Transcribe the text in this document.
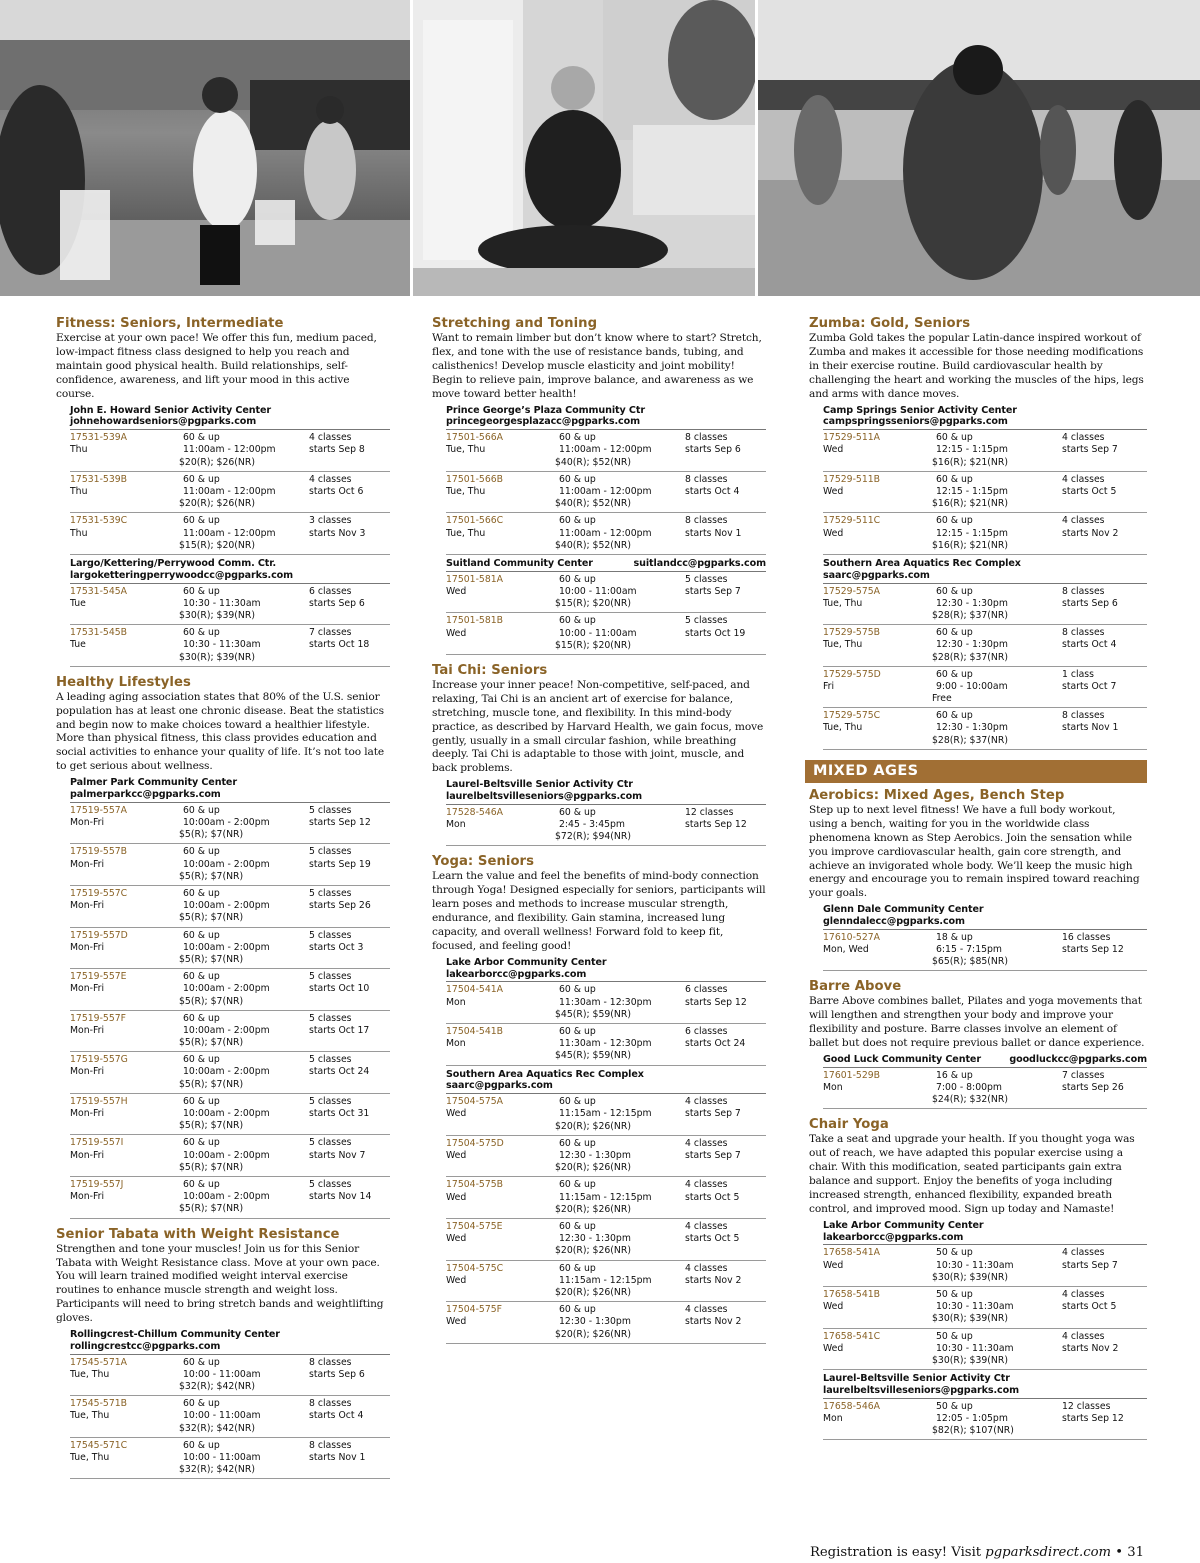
Fitness: Seniors, Intermediate
Exercise at your own pace! We offer this fun, medium paced, low-impact fitness class designed to help you reach and maintain good physical health. Build relationships, self-confidence, awareness, and lift your mood in this active course.
John E. Howard Senior Activity Center
johnehowardseniors@pgparks.com
17531-539A
Thu
60 & up
11:00am - 12:00pm
$20(R); $26(NR)
4 classes
starts Sep 8
17531-539B
Thu
60 & up
11:00am - 12:00pm
$20(R); $26(NR)
4 classes
starts Oct 6
17531-539C
Thu
60 & up
11:00am - 12:00pm
$15(R); $20(NR)
3 classes
starts Nov 3
Largo/Kettering/Perrywood Comm. Ctr.
largoketteringperrywoodcc@pgparks.com
17531-545A
Tue
60 & up
10:30 - 11:30am
$30(R); $39(NR)
6 classes
starts Sep 6
17531-545B
Tue
60 & up
10:30 - 11:30am
$30(R); $39(NR)
7 classes
starts Oct 18
Healthy Lifestyles
A leading aging association states that 80% of the U.S. senior population has at least one chronic disease. Beat the statistics and begin now to make choices toward a healthier lifestyle. More than physical fitness, this class provides education and social activities to enhance your quality of life. It’s not too late to get serious about wellness.
Palmer Park Community Center
palmerparkcc@pgparks.com
17519-557A
Mon-Fri
60 & up
10:00am - 2:00pm
$5(R); $7(NR)
5 classes
starts Sep 12
17519-557B
Mon-Fri
60 & up
10:00am - 2:00pm
$5(R); $7(NR)
5 classes
starts Sep 19
17519-557C
Mon-Fri
60 & up
10:00am - 2:00pm
$5(R); $7(NR)
5 classes
starts Sep 26
17519-557D
Mon-Fri
60 & up
10:00am - 2:00pm
$5(R); $7(NR)
5 classes
starts Oct 3
17519-557E
Mon-Fri
60 & up
10:00am - 2:00pm
$5(R); $7(NR)
5 classes
starts Oct 10
17519-557F
Mon-Fri
60 & up
10:00am - 2:00pm
$5(R); $7(NR)
5 classes
starts Oct 17
17519-557G
Mon-Fri
60 & up
10:00am - 2:00pm
$5(R); $7(NR)
5 classes
starts Oct 24
17519-557H
Mon-Fri
60 & up
10:00am - 2:00pm
$5(R); $7(NR)
5 classes
starts Oct 31
17519-557I
Mon-Fri
60 & up
10:00am - 2:00pm
$5(R); $7(NR)
5 classes
starts Nov 7
17519-557J
Mon-Fri
60 & up
10:00am - 2:00pm
$5(R); $7(NR)
5 classes
starts Nov 14
Senior Tabata with Weight Resistance
Strengthen and tone your muscles! Join us for this Senior Tabata with Weight Resistance class. Move at your own pace. You will learn trained modified weight interval exercise routines to enhance muscle strength and weight loss. Participants will need to bring stretch bands and weightlifting gloves.
Rollingcrest-Chillum Community Center
rollingcrestcc@pgparks.com
17545-571A
Tue, Thu
60 & up
10:00 - 11:00am
$32(R); $42(NR)
8 classes
starts Sep 6
17545-571B
Tue, Thu
60 & up
10:00 - 11:00am
$32(R); $42(NR)
8 classes
starts Oct 4
17545-571C
Tue, Thu
60 & up
10:00 - 11:00am
$32(R); $42(NR)
8 classes
starts Nov 1
Stretching and Toning
Want to remain limber but don’t know where to start? Stretch, flex, and tone with the use of resistance bands, tubing, and calisthenics! Develop muscle elasticity and joint mobility! Begin to relieve pain, improve balance, and awareness as we move toward better health!
Prince George’s Plaza Community Ctr
princegeorgesplazacc@pgparks.com
17501-566A
Tue, Thu
60 & up
11:00am - 12:00pm
$40(R); $52(NR)
8 classes
starts Sep 6
17501-566B
Tue, Thu
60 & up
11:00am - 12:00pm
$40(R); $52(NR)
8 classes
starts Oct 4
17501-566C
Tue, Thu
60 & up
11:00am - 12:00pm
$40(R); $52(NR)
8 classes
starts Nov 1
Suitland Community Center	suitlandcc@pgparks.com
17501-581A
Wed
60 & up
10:00 - 11:00am
$15(R); $20(NR)
5 classes
starts Sep 7
17501-581B
Wed
60 & up
10:00 - 11:00am
$15(R); $20(NR)
5 classes
starts Oct 19
Tai Chi: Seniors
Increase your inner peace! Non-competitive, self-paced, and relaxing, Tai Chi is an ancient art of exercise for balance, stretching, muscle tone, and flexibility. In this mind-body practice, as described by Harvard Health, we gain focus, move gently, usually in a small circular fashion, while breathing deeply. Tai Chi is adaptable to those with joint, muscle, and back problems.
Laurel-Beltsville Senior Activity Ctr
laurelbeltsvilleseniors@pgparks.com
17528-546A
Mon
60 & up
2:45 - 3:45pm
$72(R); $94(NR)
12 classes
starts Sep 12
Yoga: Seniors
Learn the value and feel the benefits of mind-body connection through Yoga! Designed especially for seniors, participants will learn poses and methods to increase muscular strength, endurance, and flexibility. Gain stamina, increased lung capacity, and overall wellness! Forward fold to keep fit, focused, and feeling good!
Lake Arbor Community Center
lakearborcc@pgparks.com
17504-541A
Mon
60 & up
11:30am - 12:30pm
$45(R); $59(NR)
6 classes
starts Sep 12
17504-541B
Mon
60 & up
11:30am - 12:30pm
$45(R); $59(NR)
6 classes
starts Oct 24
Southern Area Aquatics Rec Complex
saarc@pgparks.com
17504-575A
Wed
60 & up
11:15am - 12:15pm
$20(R); $26(NR)
4 classes
starts Sep 7
17504-575D
Wed
60 & up
12:30 - 1:30pm
$20(R); $26(NR)
4 classes
starts Sep 7
17504-575B
Wed
60 & up
11:15am - 12:15pm
$20(R); $26(NR)
4 classes
starts Oct 5
17504-575E
Wed
60 & up
12:30 - 1:30pm
$20(R); $26(NR)
4 classes
starts Oct 5
17504-575C
Wed
60 & up
11:15am - 12:15pm
$20(R); $26(NR)
4 classes
starts Nov 2
17504-575F
Wed
60 & up
12:30 - 1:30pm
$20(R); $26(NR)
4 classes
starts Nov 2
Zumba: Gold, Seniors
Zumba Gold takes the popular Latin-dance inspired workout of Zumba and makes it accessible for those needing modifications in their exercise routine. Build cardiovascular health by challenging the heart and working the muscles of the hips, legs and arms with dance moves.
Camp Springs Senior Activity Center
campspringsseniors@pgparks.com
17529-511A
Wed
60 & up
12:15 - 1:15pm
$16(R); $21(NR)
4 classes
starts Sep 7
17529-511B
Wed
60 & up
12:15 - 1:15pm
$16(R); $21(NR)
4 classes
starts Oct 5
17529-511C
Wed
60 & up
12:15 - 1:15pm
$16(R); $21(NR)
4 classes
starts Nov 2
Southern Area Aquatics Rec Complex
saarc@pgparks.com
17529-575A
Tue, Thu
60 & up
12:30 - 1:30pm
$28(R); $37(NR)
8 classes
starts Sep 6
17529-575B
Tue, Thu
60 & up
12:30 - 1:30pm
$28(R); $37(NR)
8 classes
starts Oct 4
17529-575D
Fri
60 & up
9:00 - 10:00am
Free
1 class
starts Oct 7
17529-575C
Tue, Thu
60 & up
12:30 - 1:30pm
$28(R); $37(NR)
8 classes
starts Nov 1
MIXED AGES
Aerobics: Mixed Ages, Bench Step
Step up to next level fitness! We have a full body workout, using a bench, waiting for you in the worldwide class phenomena known as Step Aerobics. Join the sensation while you improve cardiovascular health, gain core strength, and achieve an invigorated whole body. We’ll keep the music high energy and encourage you to remain inspired toward reaching your goals.
Glenn Dale Community Center
glenndalecc@pgparks.com
17610-527A
Mon, Wed
18 & up
6:15 - 7:15pm
$65(R); $85(NR)
16 classes
starts Sep 12
Barre Above
Barre Above combines ballet, Pilates and yoga movements that will lengthen and strengthen your body and improve your flexibility and posture. Barre classes involve an element of ballet but does not require previous ballet or dance experience.
Good Luck Community Center	goodluckcc@pgparks.com
17601-529B
Mon
16 & up
7:00 - 8:00pm
$24(R); $32(NR)
7 classes
starts Sep 26
Chair Yoga
Take a seat and upgrade your health. If you thought yoga was out of reach, we have adapted this popular exercise using a chair. With this modification, seated participants gain extra balance and support. Enjoy the benefits of yoga including increased strength, enhanced flexibility, expanded breath control, and improved mood. Sign up today and Namaste!
Lake Arbor Community Center
lakearborcc@pgparks.com
17658-541A
Wed
50 & up
10:30 - 11:30am
$30(R); $39(NR)
4 classes
starts Sep 7
17658-541B
Wed
50 & up
10:30 - 11:30am
$30(R); $39(NR)
4 classes
starts Oct 5
17658-541C
Wed
50 & up
10:30 - 11:30am
$30(R); $39(NR)
4 classes
starts Nov 2
Laurel-Beltsville Senior Activity Ctr
laurelbeltsvilleseniors@pgparks.com
17658-546A
Mon
50 & up
12:05 - 1:05pm
$82(R); $107(NR)
12 classes
starts Sep 12
Registration is easy! Visit pgparksdirect.com • 31
